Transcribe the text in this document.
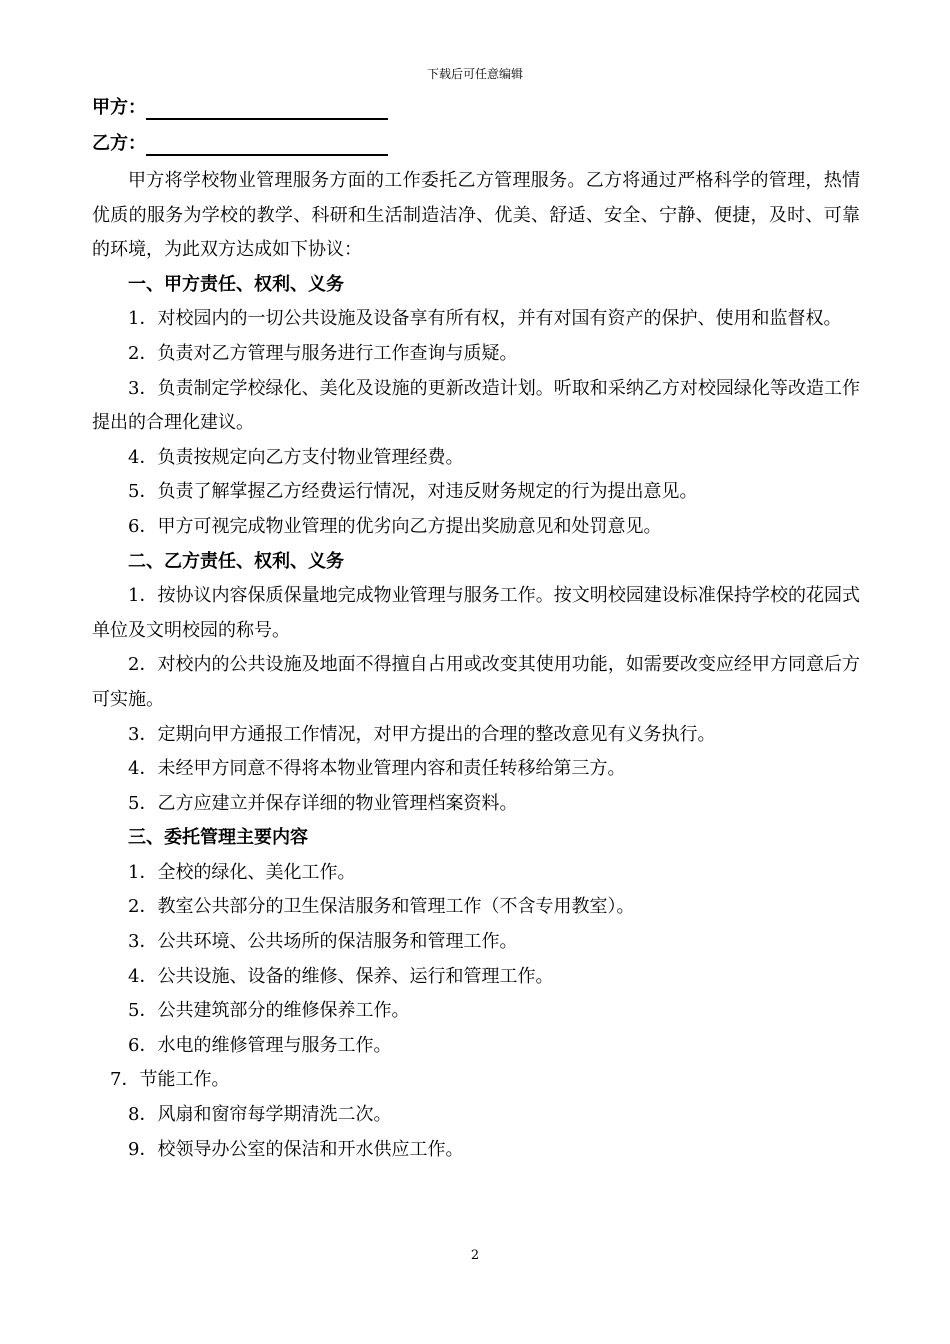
下载后可任意编辑
甲方：
乙方：

甲方将学校物业管理服务方面的工作委托乙方管理服务。乙方将通过严格科学的管理，热情优质的服务为学校的教学、科研和生活制造洁净、优美、舒适、安全、宁静、便捷，及时、可靠的环境，为此双方达成如下协议：

一、甲方责任、权利、义务

1．对校园内的一切公共设施及设备享有所有权，并有对国有资产的保护、使用和监督权。

2．负责对乙方管理与服务进行工作查询与质疑。

3．负责制定学校绿化、美化及设施的更新改造计划。听取和采纳乙方对校园绿化等改造工作提出的合理化建议。

4．负责按规定向乙方支付物业管理经费。

5．负责了解掌握乙方经费运行情况，对违反财务规定的行为提出意见。

6．甲方可视完成物业管理的优劣向乙方提出奖励意见和处罚意见。

二、乙方责任、权利、义务

1．按协议内容保质保量地完成物业管理与服务工作。按文明校园建设标准保持学校的花园式单位及文明校园的称号。

2．对校内的公共设施及地面不得擅自占用或改变其使用功能，如需要改变应经甲方同意后方可实施。

3．定期向甲方通报工作情况，对甲方提出的合理的整改意见有义务执行。

4．未经甲方同意不得将本物业管理内容和责任转移给第三方。

5．乙方应建立并保存详细的物业管理档案资料。

三、委托管理主要内容

1．全校的绿化、美化工作。

2．教室公共部分的卫生保洁服务和管理工作（不含专用教室）。

3．公共环境、公共场所的保洁服务和管理工作。

4．公共设施、设备的维修、保养、运行和管理工作。

5．公共建筑部分的维修保养工作。

6．水电的维修管理与服务工作。

7．节能工作。

8．风扇和窗帘每学期清洗二次。

9．校领导办公室的保洁和开水供应工作。

2
